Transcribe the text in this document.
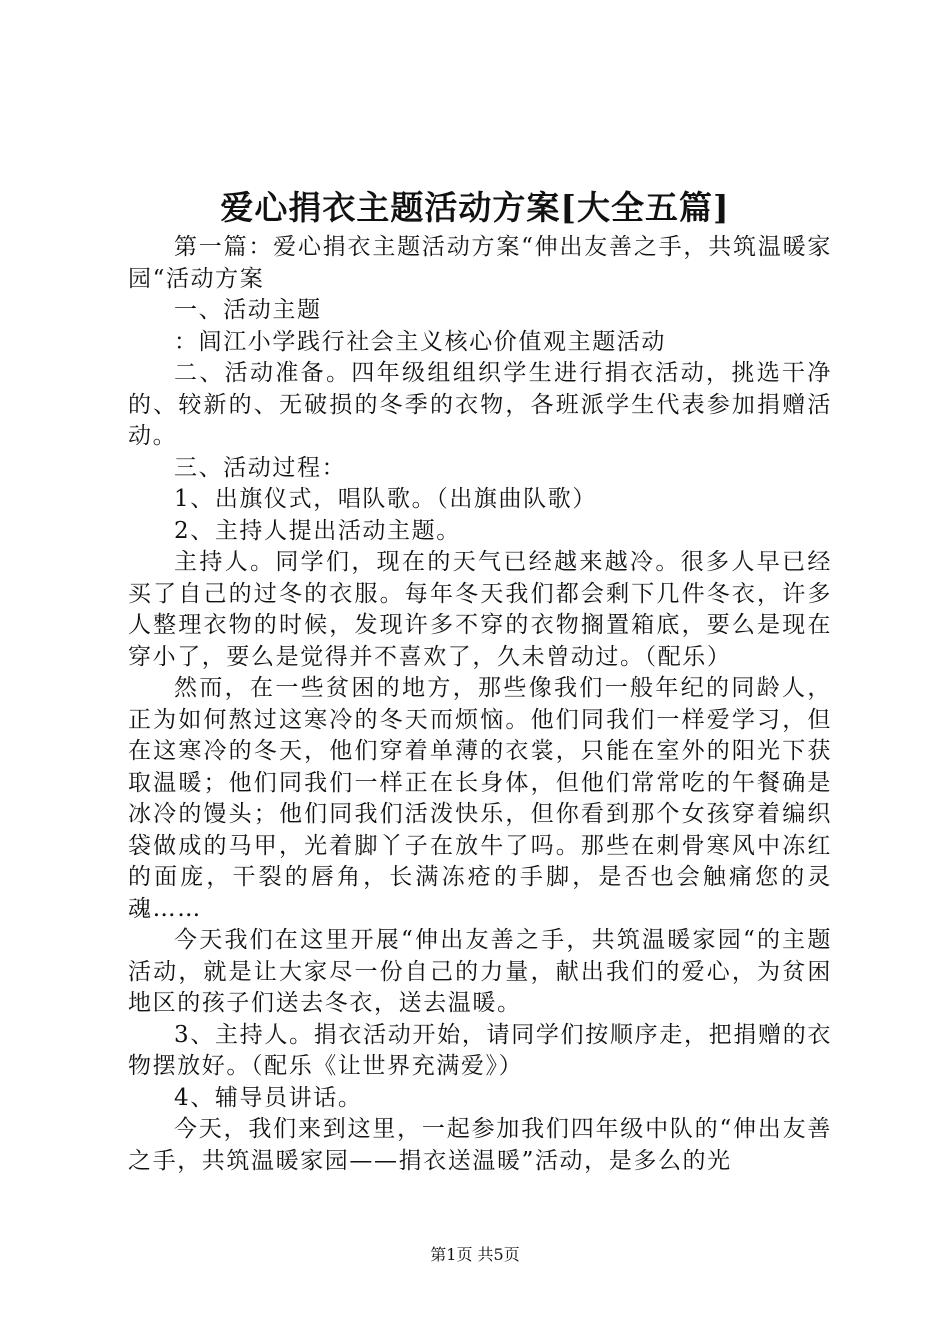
爱心捐衣主题活动方案[大全五篇]

第一篇：爱心捐衣主题活动方案“伸出友善之手，共筑温暖家园“活动方案

一、活动主题

：闾江小学践行社会主义核心价值观主题活动

二、活动准备。四年级组组织学生进行捐衣活动，挑选干净的、较新的、无破损的冬季的衣物，各班派学生代表参加捐赠活动。

三、活动过程：

1、出旗仪式，唱队歌。（出旗曲队歌）

2、主持人提出活动主题。

主持人。同学们，现在的天气已经越来越冷。很多人早已经买了自己的过冬的衣服。每年冬天我们都会剩下几件冬衣，许多人整理衣物的时候，发现许多不穿的衣物搁置箱底，要么是现在穿小了，要么是觉得并不喜欢了，久未曾动过。（配乐）

然而，在一些贫困的地方，那些像我们一般年纪的同龄人，正为如何熬过这寒冷的冬天而烦恼。他们同我们一样爱学习，但在这寒冷的冬天，他们穿着单薄的衣裳，只能在室外的阳光下获取温暖；他们同我们一样正在长身体，但他们常常吃的午餐确是冰冷的馒头；他们同我们活泼快乐，但你看到那个女孩穿着编织袋做成的马甲，光着脚丫子在放牛了吗。那些在刺骨寒风中冻红的面庞，干裂的唇角，长满冻疮的手脚，是否也会触痛您的灵魂……

今天我们在这里开展“伸出友善之手，共筑温暖家园“的主题活动，就是让大家尽一份自己的力量，献出我们的爱心，为贫困地区的孩子们送去冬衣，送去温暖。

3、主持人。捐衣活动开始，请同学们按顺序走，把捐赠的衣物摆放好。（配乐《让世界充满爱》）

4、辅导员讲话。

今天，我们来到这里，一起参加我们四年级中队的“伸出友善之手，共筑温暖家园——捐衣送温暖”活动，是多么的光

第1页 共5页
